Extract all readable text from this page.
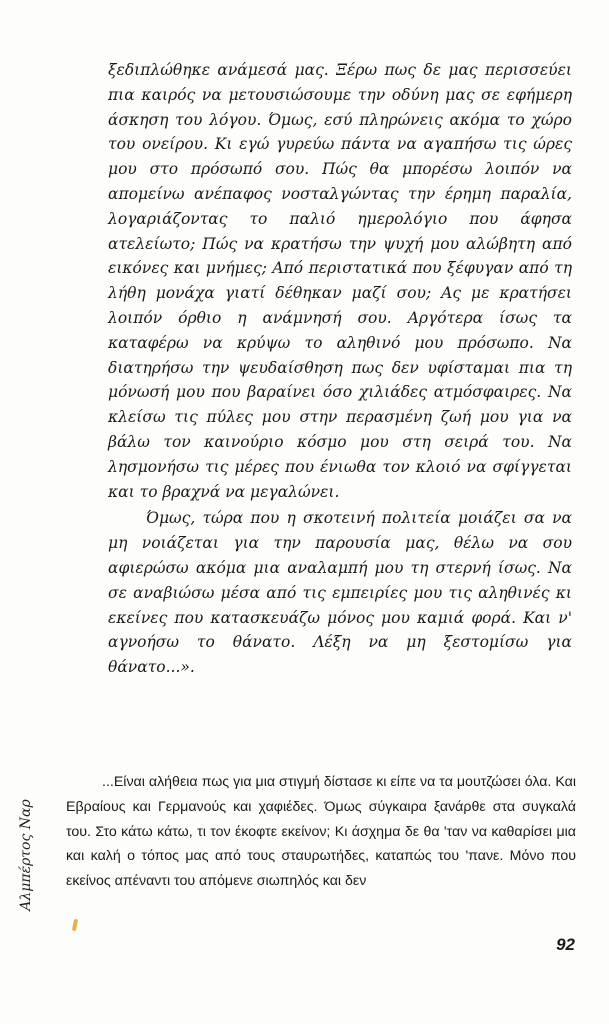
ξεδιπλώθηκε ανάμεσά μας. Ξέρω πως δε μας περισσεύει πια καιρός να μετουσιώσουμε την οδύνη μας σε εφήμερη άσκηση του λόγου. Όμως, εσύ πληρώνεις ακόμα το χώρο του ονείρου. Κι εγώ γυρεύω πάντα να αγαπήσω τις ώρες μου στο πρόσωπό σου. Πώς θα μπορέσω λοιπόν να απομείνω ανέπαφος νοσταλγώντας την έρημη παραλία, λογαριάζοντας το παλιό ημερολόγιο που άφησα ατελείωτο; Πώς να κρατήσω την ψυχή μου αλώβητη από εικόνες και μνήμες; Από περιστατικά που ξέφυγαν από τη λήθη μονάχα γιατί δέθηκαν μαζί σου; Ας με κρατήσει λοιπόν όρθιο η ανάμνησή σου. Αργότερα ίσως τα καταφέρω να κρύψω το αληθινό μου πρόσωπο. Να διατηρήσω την ψευδαίσθηση πως δεν υφίσταμαι πια τη μόνωσή μου που βαραίνει όσο χιλιάδες ατμόσφαιρες. Να κλείσω τις πύλες μου στην περασμένη ζωή μου για να βάλω τον καινούριο κόσμο μου στη σειρά του. Να λησμονήσω τις μέρες που ένιωθα τον κλοιό να σφίγγεται και το βραχνά να μεγαλώνει.

Όμως, τώρα που η σκοτεινή πολιτεία μοιάζει σα να μη νοιάζεται για την παρουσία μας, θέλω να σου αφιερώσω ακόμα μια αναλαμπή μου τη στερνή ίσως. Να σε αναβιώσω μέσα από τις εμπειρίες μου τις αληθινές κι εκείνες που κατασκευάζω μόνος μου καμιά φορά. Και ν' αγνοήσω το θάνατο. Λέξη να μη ξεστομίσω για θάνατο...».

Αλμπέρτος Ναρ

...Είναι αλήθεια πως για μια στιγμή δίστασε κι είπε να τα μουτζώσει όλα. Και Εβραίους και Γερμανούς και χαφιέδες. Όμως σύγκαιρα ξανάρθε στα συγκαλά του. Στο κάτω κάτω, τι τον έκοφτε εκείνον; Κι άσχημα δε θα 'ταν να καθαρίσει μια και καλή ο τόπος μας από τους σταυρωτήδες, καταπώς του 'πανε. Μόνο που εκείνος απέναντι του απόμενε σιωπηλός και δεν

92
